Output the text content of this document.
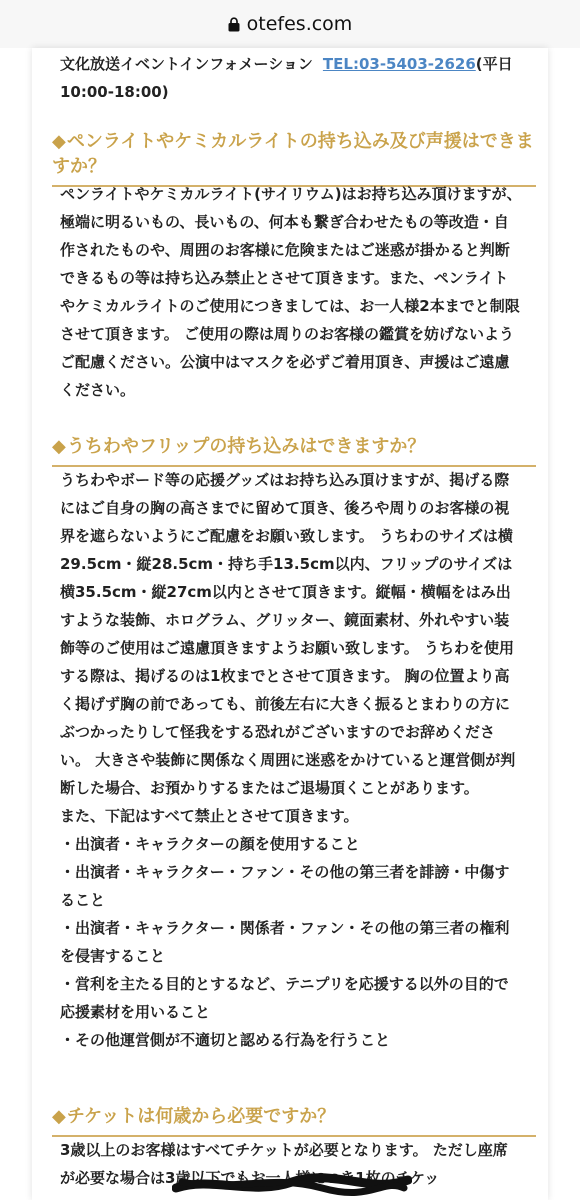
otefes.com
文化放送イベントインフォメーション TEL:03-5403-2626(平日10:00-18:00)
◆ペンライトやケミカルライトの持ち込み及び声援はできますか？

ペンライトやケミカルライト(サイリウム)はお持ち込み頂けますが、極端に明るいもの、長いもの、何本も繋ぎ合わせたもの等改造・自作されたものや、周囲のお客様に危険またはご迷惑が掛かると判断できるもの等は持ち込み禁止とさせて頂きます。また、ペンライトやケミカルライトのご使用につきましては、お一人様2本までと制限させて頂きます。 ご使用の際は周りのお客様の鑑賞を妨げないようご配慮ください。公演中はマスクを必ずご着用頂き、声援はご遠慮ください。

◆うちわやフリップの持ち込みはできますか？

うちわやボード等の応援グッズはお持ち込み頂けますが、掲げる際にはご自身の胸の高さまでに留めて頂き、後ろや周りのお客様の視界を遮らないようにご配慮をお願い致します。 うちわのサイズは横29.5cm・縦28.5cm・持ち手13.5cm以内、フリップのサイズは横35.5cm・縦27cm以内とさせて頂きます。縦幅・横幅をはみ出すような装飾、ホログラム、グリッター、鏡面素材、外れやすい装飾等のご使用はご遠慮頂きますようお願い致します。 うちわを使用する際は、掲げるのは1枚までとさせて頂きます。 胸の位置より高く掲げず胸の前であっても、前後左右に大きく振るとまわりの方にぶつかったりして怪我をする恐れがございますのでお辞めください。 大きさや装飾に関係なく周囲に迷惑をかけていると運営側が判断した場合、お預かりするまたはご退場頂くことがあります。

また、下記はすべて禁止とさせて頂きます。

・出演者・キャラクターの顔を使用すること
・出演者・キャラクター・ファン・その他の第三者を誹謗・中傷すること
・出演者・キャラクター・関係者・ファン・その他の第三者の権利を侵害すること
・営利を主たる目的とするなど、テニプリを応援する以外の目的で応援素材を用いること
・その他運営側が不適切と認める行為を行うこと
◆チケットは何歳から必要ですか？

3歳以上のお客様はすべてチケットが必要となります。 ただし座席が必要な場合は3歳以下でもお一人様につき1枚のチケッ
